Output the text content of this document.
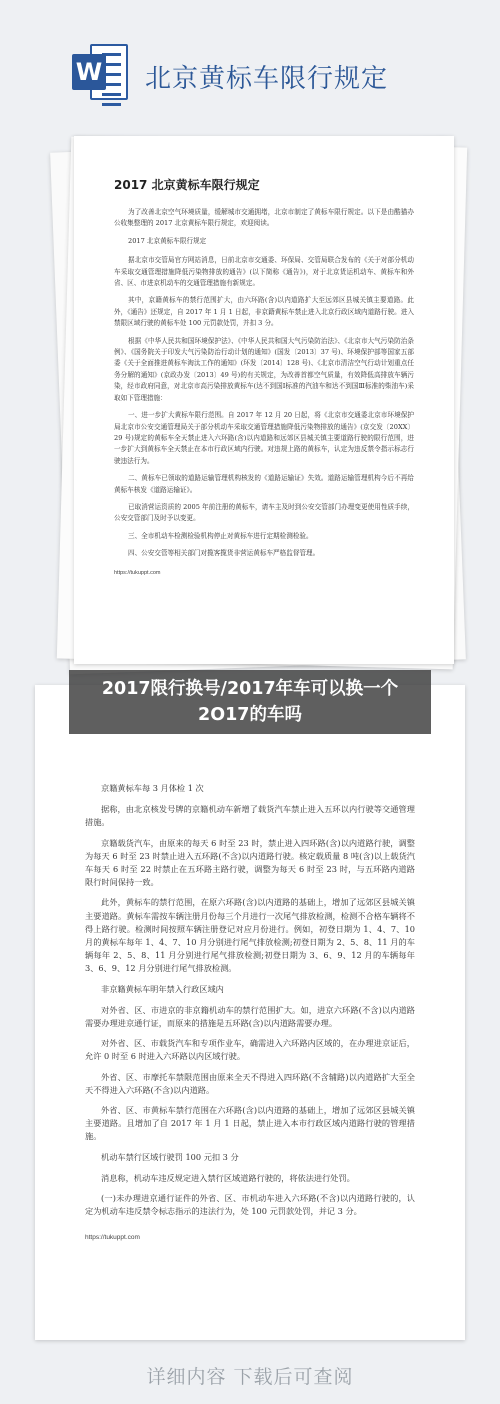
W 北京黄标车限行规定
2017 北京黄标车限行规定

为了改善北京空气环境质量，缓解城市交通拥堵，北京市制定了黄标车限行规定。以下是由酷猫办公收集整理的 2017 北京黄标车限行规定，欢迎阅读。

2017 北京黄标车限行规定

据北京市交管局官方网站消息，日前北京市交通委、环保局、交管局联合发布的《关于对部分机动车采取交通管理措施降低污染物排放的通告》(以下简称《通告》)，对于北京货运机动车、黄标车和外省、区、市进京机动车的交通管理措施有新规定。

其中，京籍黄标车的禁行范围扩大，由六环路(含)以内道路扩大至远郊区县城关镇主要道路。此外，《通告》还规定，自 2017 年 1 月 1 日起，非京籍黄标车禁止进入北京行政区域内道路行驶。进入禁限区域行驶的黄标车处 100 元罚款处罚，并扣 3 分。

根据《中华人民共和国环境保护法》、《中华人民共和国大气污染防治法》、《北京市大气污染防治条例》、《国务院关于印发大气污染防治行动计划的通知》(国发〔2013〕37 号)、环境保护部等国家五部委《关于全面推进黄标车淘汰工作的通知》(环发〔2014〕128 号)、《北京市清洁空气行动计划重点任务分解的通知》(京政办发〔2013〕49 号)的有关规定，为改善首都空气质量，有效降低高排放车辆污染，经市政府同意，对北京市高污染排放黄标车(达不到国Ⅰ标准的汽油车和达不到国Ⅲ标准的柴油车)采取如下管理措施：

一、进一步扩大黄标车限行范围。自 2017 年 12 月 20 日起，将《北京市交通委北京市环境保护局北京市公安交通管理局关于部分机动车采取交通管理措施降低污染物排放的通告》(京交发〔20XX〕29 号)规定的黄标车全天禁止进入六环路(含)以内道路和远郊区县城关镇主要道路行驶的限行范围，进一步扩大到黄标车全天禁止在本市行政区域内行驶。对违规上路的黄标车，认定为违反禁令指示标志行驶违法行为。

二、黄标车已领取的道路运输管理机构核发的《道路运输证》失效。道路运输管理机构今后不再给黄标车核发《道路运输证》。

已取消营运资质的 2005 年前注册的黄标车，请车主及时到公安交管部门办理变更使用性质手续，公安交管部门及时予以变更。

三、全市机动车检测检验机构停止对黄标车进行定期检测检验。

四、公安交管等相关部门对揽客揽货非营运黄标车严格监督管理。

https://tukuppt.com

京籍黄标车每 3 月体检 1 次

据称，由北京核发号牌的京籍机动车新增了载货汽车禁止进入五环以内行驶等交通管理措施。

京籍载货汽车，由原来的每天 6 时至 23 时，禁止进入四环路(含)以内道路行驶，调整为每天 6 时至 23 时禁止进入五环路(不含)以内道路行驶。核定载质量 8 吨(含)以上载货汽车每天 6 时至 22 时禁止在五环路主路行驶，调整为每天 6 时至 23 时，与五环路内道路限行时间保持一致。

此外，黄标车的禁行范围，在原六环路(含)以内道路的基础上，增加了远郊区县城关镇主要道路。黄标车需按车辆注册月份每三个月进行一次尾气排放检测，检测不合格车辆将不得上路行驶。检测时间按照车辆注册登记对应月份进行。例如，初登日期为 1、4、7、10 月的黄标车每年 1、4、7、10 月分别进行尾气排放检测;初登日期为 2、5、8、11 月的车辆每年 2、5、8、11 月分别进行尾气排放检测;初登日期为 3、6、9、12 月的车辆每年 3、6、9、12 月分别进行尾气排放检测。

非京籍黄标车明年禁入行政区域内

对外省、区、市进京的非京籍机动车的禁行范围扩大。如，进京六环路(不含)以内道路需要办理进京通行证，而原来的措施是五环路(含)以内道路需要办理。

对外省、区、市载货汽车和专项作业车，确需进入六环路内区域的，在办理进京证后，允许 0 时至 6 时进入六环路以内区域行驶。

外省、区、市摩托车禁限范围由原来全天不得进入四环路(不含辅路)以内道路扩大至全天不得进入六环路(不含)以内道路。

外省、区、市黄标车禁行范围在六环路(含)以内道路的基础上，增加了远郊区县城关镇主要道路。且增加了自 2017 年 1 月 1 日起，禁止进入本市行政区域内道路行驶的管理措施。

机动车禁行区域行驶罚 100 元扣 3 分

消息称，机动车违反规定进入禁行区域道路行驶的，将依法进行处罚。

(一)未办理进京通行证件的外省、区、市机动车进入六环路(不含)以内道路行驶的，认定为机动车违反禁令标志指示的违法行为，处 100 元罚款处罚，并记 3 分。

https://tukuppt.com
2017限行换号/2017年车可以换一个2O17的车吗
详细内容 下载后可查阅
